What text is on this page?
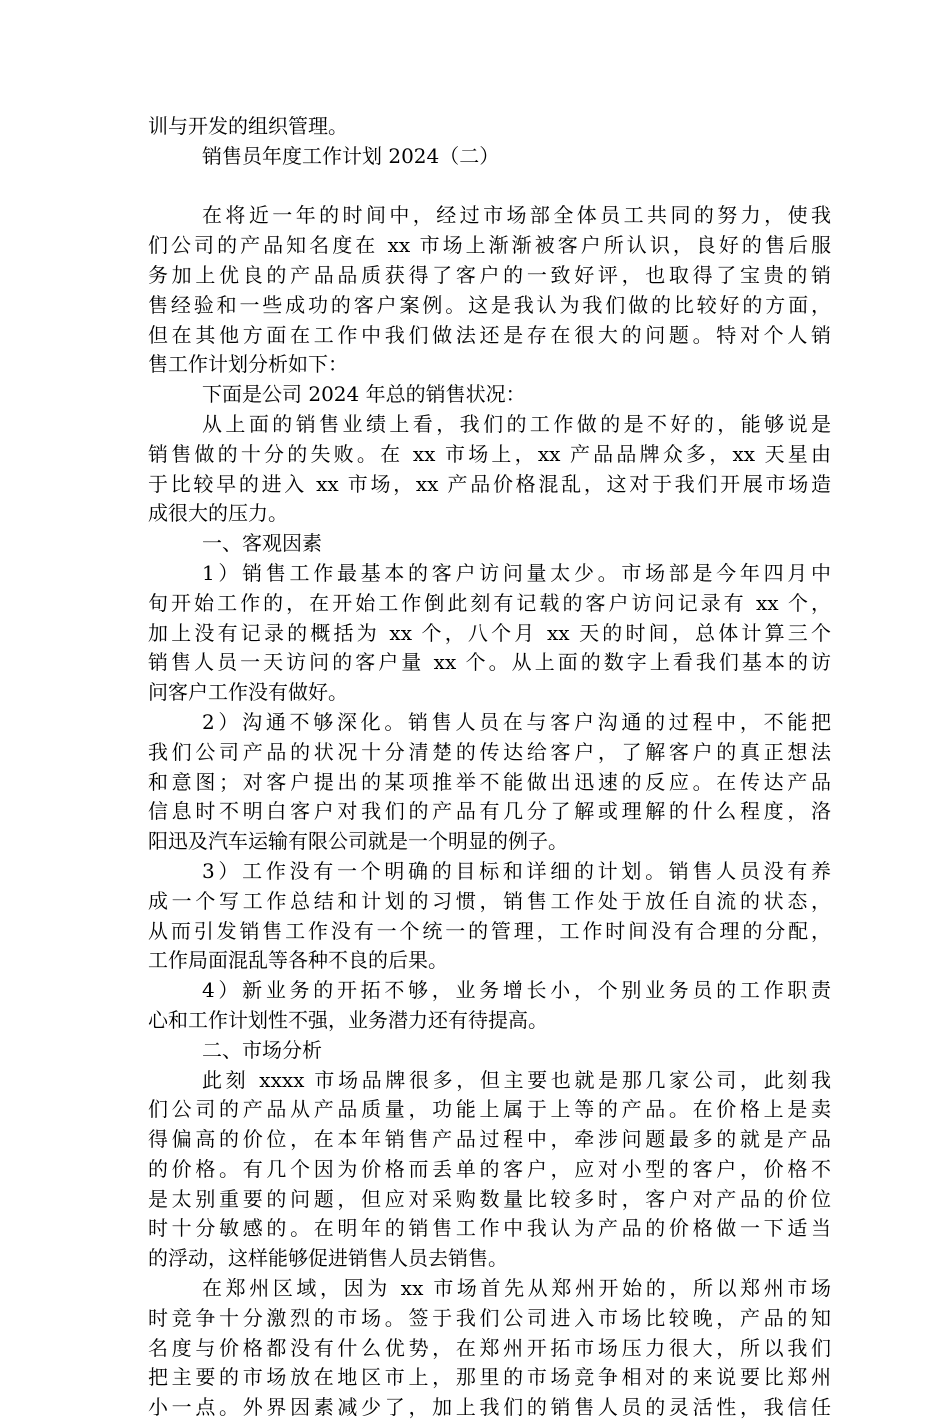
训与开发的组织管理。
销售员年度工作计划 2024（二）
在将近一年的时间中，经过市场部全体员工共同的努力，使我
们公司的产品知名度在 xx 市场上渐渐被客户所认识，良好的售后服
务加上优良的产品品质获得了客户的一致好评，也取得了宝贵的销
售经验和一些成功的客户案例。这是我认为我们做的比较好的方面，
但在其他方面在工作中我们做法还是存在很大的问题。特对个人销
售工作计划分析如下：
下面是公司 2024 年总的销售状况：
从上面的销售业绩上看，我们的工作做的是不好的，能够说是
销售做的十分的失败。在 xx 市场上，xx 产品品牌众多，xx 天星由
于比较早的进入 xx 市场，xx 产品价格混乱，这对于我们开展市场造
成很大的压力。
一、客观因素
1）销售工作最基本的客户访问量太少。市场部是今年四月中
旬开始工作的，在开始工作倒此刻有记载的客户访问记录有 xx 个，
加上没有记录的概括为 xx 个，八个月 xx 天的时间，总体计算三个
销售人员一天访问的客户量 xx 个。从上面的数字上看我们基本的访
问客户工作没有做好。
2）沟通不够深化。销售人员在与客户沟通的过程中，不能把
我们公司产品的状况十分清楚的传达给客户，了解客户的真正想法
和意图；对客户提出的某项推举不能做出迅速的反应。在传达产品
信息时不明白客户对我们的产品有几分了解或理解的什么程度，洛
阳迅及汽车运输有限公司就是一个明显的例子。
3）工作没有一个明确的目标和详细的计划。销售人员没有养
成一个写工作总结和计划的习惯，销售工作处于放任自流的状态，
从而引发销售工作没有一个统一的管理，工作时间没有合理的分配，
工作局面混乱等各种不良的后果。
4）新业务的开拓不够，业务增长小，个别业务员的工作职责
心和工作计划性不强，业务潜力还有待提高。
二、市场分析
此刻 xxxx 市场品牌很多，但主要也就是那几家公司，此刻我
们公司的产品从产品质量，功能上属于上等的产品。在价格上是卖
得偏高的价位，在本年销售产品过程中，牵涉问题最多的就是产品
的价格。有几个因为价格而丢单的客户，应对小型的客户，价格不
是太别重要的问题，但应对采购数量比较多时，客户对产品的价位
时十分敏感的。在明年的销售工作中我认为产品的价格做一下适当
的浮动，这样能够促进销售人员去销售。
在郑州区域，因为 xx 市场首先从郑州开始的，所以郑州市场
时竞争十分激烈的市场。签于我们公司进入市场比较晚，产品的知
名度与价格都没有什么优势，在郑州开拓市场压力很大，所以我们
把主要的市场放在地区市上，那里的市场竞争相对的来说要比郑州
小一点。外界因素减少了，加上我们的销售人员的灵活性，我信任
